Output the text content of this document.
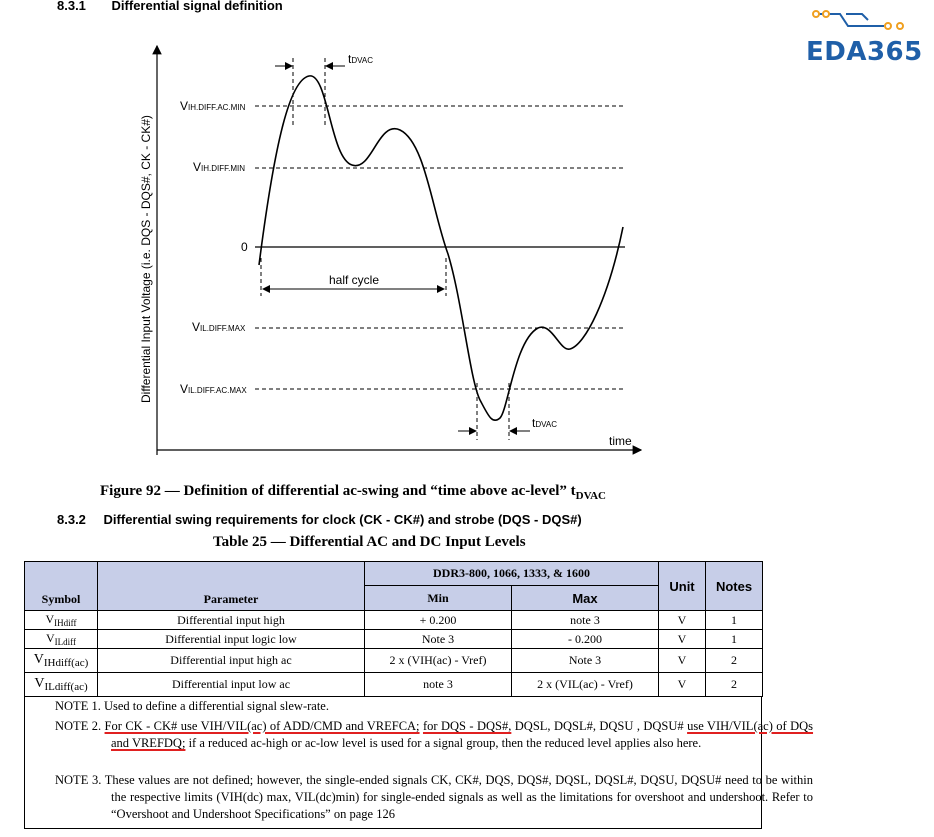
8.3.1 Differential signal definition
EDA365
Differential Input Voltage (i.e. DQS - DQS#, CK - CK#)
time
VIH.DIFF.AC.MIN
VIH.DIFF.MIN
0
VIL.DIFF.MAX
VIL.DIFF.AC.MAX
tDVAC
tDVAC
half cycle
Figure 92 — Definition of differential ac-swing and “time above ac-level” $t_{DVAC}$
8.3.2 Differential swing requirements for clock (CK - CK#) and strobe (DQS - DQS#)
Table 25 — Differential AC and DC Input Levels
Symbol	Parameter	DDR3-800, 1066, 1333, & 1600		Unit	Notes
		Min	Max		
$V_{IHdiff}$	Differential input high	+ 0.200	note 3	V	1
$V_{ILdiff}$	Differential input logic low	Note 3	- 0.200	V	1
$V_{IHdiff(ac)}$	Differential input high ac	2 x (VIH(ac) - Vref)	Note 3	V	2
$V_{ILdiff(ac)}$	Differential input low ac	note 3	2 x (VIL(ac) - Vref)	V	2
NOTE 1. Used to define a differential signal slew-rate.
NOTE 2. For CK - CK# use VIH/VIL(ac) of ADD/CMD and VREFCA; for DQS - DQS#, DQSL, DQSL#, DQSU , DQSU# use VIH/VIL(ac) of DQs and VREFDQ; if a reduced ac-high or ac-low level is used for a signal group, then the reduced level applies also here.
NOTE 3. These values are not defined; however, the single-ended signals CK, CK#, DQS, DQS#, DQSL, DQSL#, DQSU, DQSU# need to be within the respective limits (VIH(dc) max, VIL(dc)min) for single-ended signals as well as the limitations for overshoot and undershoot. Refer to “Overshoot and Undershoot Specifications” on page 126
